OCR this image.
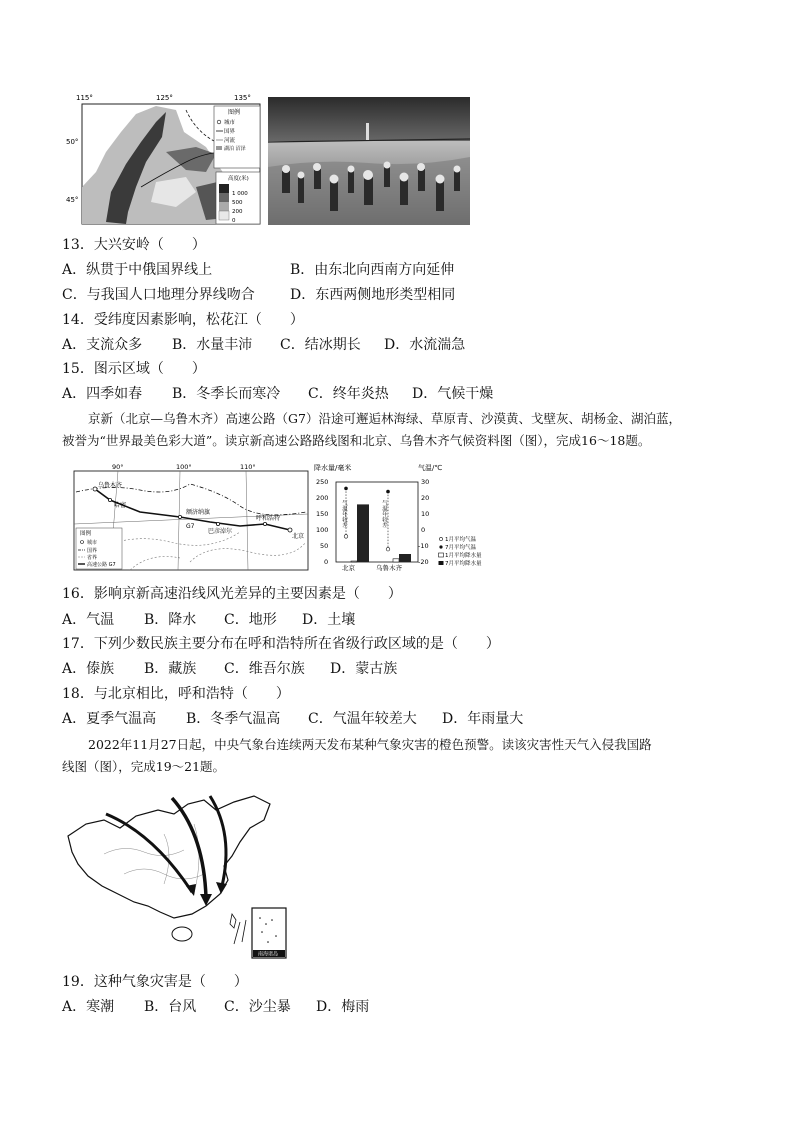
115°	125°	135°
50°
45°
图例
城市
国界
河流
湖泊 沼泽
高度(米)
1 000
500
200
0
13．大兴安岭（　　）
A．纵贯于中俄国界线上	B．由东北向西南方向延伸
C．与我国人口地理分界线吻合	D．东西两侧地形类型相同
14．受纬度因素影响，松花江（　　）
A．支流众多 B．水量丰沛 C．结冰期长 D．水流湍急
15．图示区域（　　）
A．四季如春 B．冬季长而寒冷 C．终年炎热 D．气候干燥
京新（北京—乌鲁木齐）高速公路（G7）沿途可邂逅林海绿、草原青、沙漠黄、戈壁灰、胡杨金、湖泊蓝，
被誉为“世界最美色彩大道”。读京新高速公路路线图和北京、乌鲁木齐气候资料图（图），完成16～18题。
90°	100°	110°
乌鲁木齐
哈密
额济纳旗
G7
巴彦淖尔
呼和浩特
北京
图例
城市
国界
省界
高速公路 G7
降水量/毫米	气温/℃
250
200
150
100
50
0
30
20
10
0
-10
-20
气温年较差	气温年较差
北京	乌鲁木齐
1月平均气温
7月平均气温
1月平均降水量
7月平均降水量
16．影响京新高速沿线风光差异的主要因素是（　　）
A．气温 B．降水 C．地形 D．土壤
17．下列少数民族主要分布在呼和浩特所在省级行政区域的是（　　）
A．傣族 B．藏族 C．维吾尔族 D．蒙古族
18．与北京相比，呼和浩特（　　）
A．夏季气温高 B．冬季气温高 C．气温年较差大 D．年雨量大
2022年11月27日起，中央气象台连续两天发布某种气象灾害的橙色预警。读该灾害性天气入侵我国路
线图（图），完成19～21题。
南海诸岛
19．这种气象灾害是（　　）
A．寒潮 B．台风 C．沙尘暴 D．梅雨
